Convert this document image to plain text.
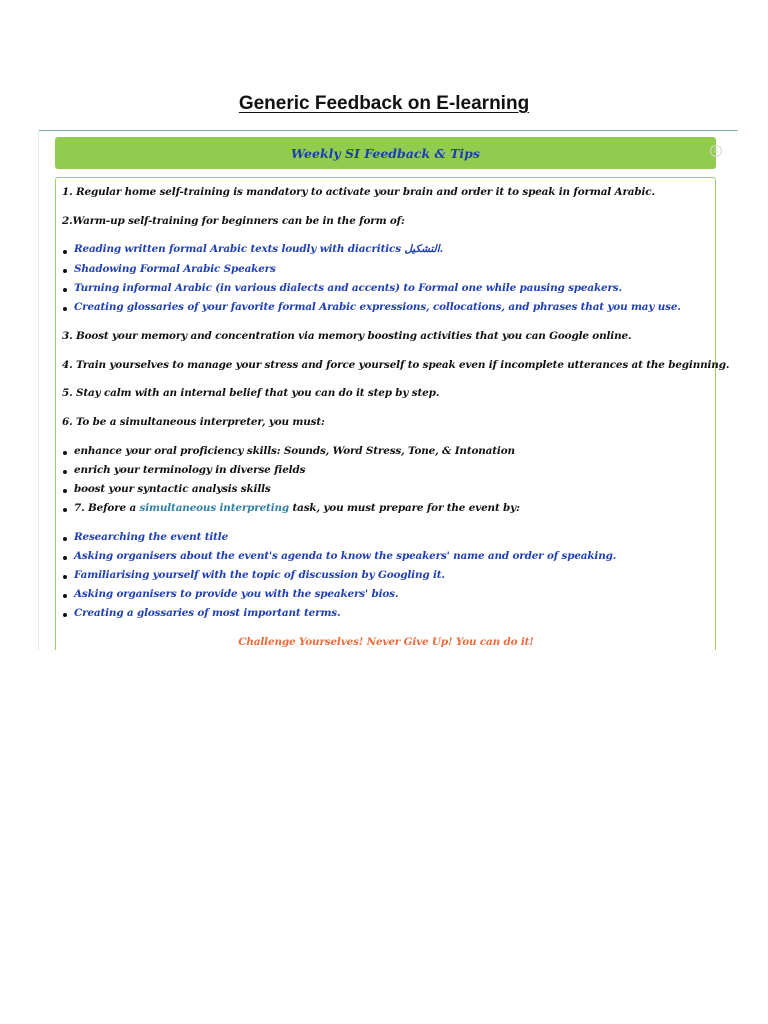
Generic Feedback on E-learning
Weekly SI Feedback & Tips	×
1. Regular home self-training is mandatory to activate your brain and order it to speak in formal Arabic.
2.Warm-up self-training for beginners can be in the form of:
Reading written formal Arabic texts loudly with diacritics التشكيل.
Shadowing Formal Arabic Speakers
Turning informal Arabic (in various dialects and accents) to Formal one while pausing speakers.
Creating glossaries of your favorite formal Arabic expressions, collocations, and phrases that you may use.
3. Boost your memory and concentration via memory boosting activities that you can Google online.
4. Train yourselves to manage your stress and force yourself to speak even if incomplete utterances at the beginning.
5. Stay calm with an internal belief that you can do it step by step.
6. To be a simultaneous interpreter, you must:
enhance your oral proficiency skills: Sounds, Word Stress, Tone, & Intonation
enrich your terminology in diverse fields
boost your syntactic analysis skills
7. Before a simultaneous interpreting task, you must prepare for the event by:
Researching the event title
Asking organisers about the event's agenda to know the speakers' name and order of speaking.
Familiarising yourself with the topic of discussion by Googling it.
Asking organisers to provide you with the speakers' bios.
Creating a glossaries of most important terms.
Challenge Yourselves! Never Give Up! You can do it!
